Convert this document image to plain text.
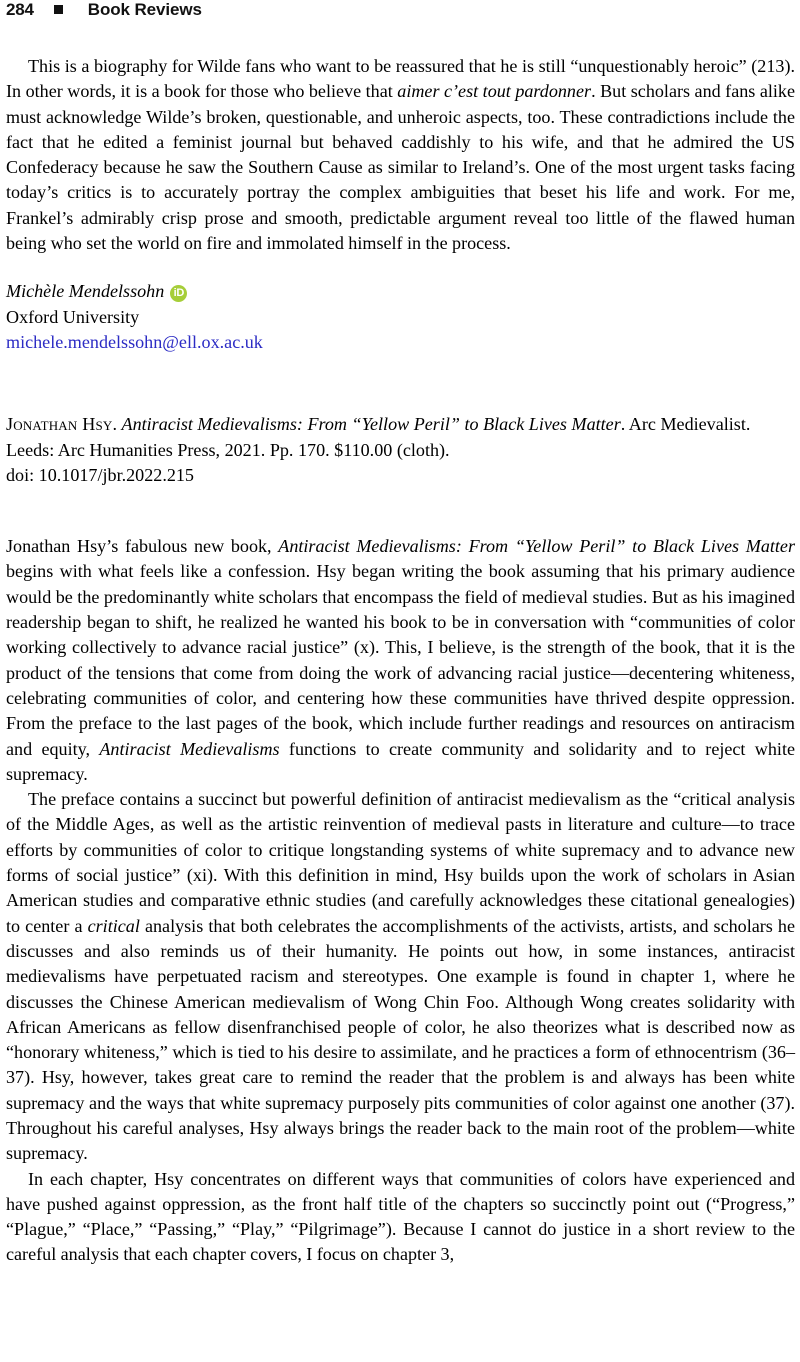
284	Book Reviews

This is a biography for Wilde fans who want to be reassured that he is still “unquestionably heroic” (213). In other words, it is a book for those who believe that aimer c’est tout pardonner. But scholars and fans alike must acknowledge Wilde’s broken, questionable, and unheroic aspects, too. These contradictions include the fact that he edited a feminist journal but behaved caddishly to his wife, and that he admired the US Confederacy because he saw the Southern Cause as similar to Ireland’s. One of the most urgent tasks facing today’s critics is to accurately portray the complex ambiguities that beset his life and work. For me, Frankel’s admirably crisp prose and smooth, predictable argument reveal too little of the flawed human being who set the world on fire and immolated himself in the process.

Michèle Mendelssohn iD
Oxford University
michele.mendelssohn@ell.ox.ac.uk
Jonathan Hsy. Antiracist Medievalisms: From “Yellow Peril” to Black Lives Matter. Arc Medievalist. Leeds: Arc Humanities Press, 2021. Pp. 170. $110.00 (cloth).
doi: 10.1017/jbr.2022.215

Jonathan Hsy’s fabulous new book, Antiracist Medievalisms: From “Yellow Peril” to Black Lives Matter begins with what feels like a confession. Hsy began writing the book assuming that his primary audience would be the predominantly white scholars that encompass the field of medieval studies. But as his imagined readership began to shift, he realized he wanted his book to be in conversation with “communities of color working collectively to advance racial justice” (x). This, I believe, is the strength of the book, that it is the product of the tensions that come from doing the work of advancing racial justice—decentering whiteness, celebrating communities of color, and centering how these communities have thrived despite oppression. From the preface to the last pages of the book, which include further readings and resources on antiracism and equity, Antiracist Medievalisms functions to create community and solidarity and to reject white supremacy.

The preface contains a succinct but powerful definition of antiracist medievalism as the “critical analysis of the Middle Ages, as well as the artistic reinvention of medieval pasts in literature and culture—to trace efforts by communities of color to critique longstanding systems of white supremacy and to advance new forms of social justice” (xi). With this definition in mind, Hsy builds upon the work of scholars in Asian American studies and comparative ethnic studies (and carefully acknowledges these citational genealogies) to center a critical analysis that both celebrates the accomplishments of the activists, artists, and scholars he discusses and also reminds us of their humanity. He points out how, in some instances, antiracist medievalisms have perpetuated racism and stereotypes. One example is found in chapter 1, where he discusses the Chinese American medievalism of Wong Chin Foo. Although Wong creates solidarity with African Americans as fellow disenfranchised people of color, he also theorizes what is described now as “honorary whiteness,” which is tied to his desire to assimilate, and he practices a form of ethnocentrism (36–37). Hsy, however, takes great care to remind the reader that the problem is and always has been white supremacy and the ways that white supremacy purposely pits communities of color against one another (37). Throughout his careful analyses, Hsy always brings the reader back to the main root of the problem—white supremacy.

In each chapter, Hsy concentrates on different ways that communities of colors have experienced and have pushed against oppression, as the front half title of the chapters so succinctly point out (“Progress,” “Plague,” “Place,” “Passing,” “Play,” “Pilgrimage”). Because I cannot do justice in a short review to the careful analysis that each chapter covers, I focus on chapter 3,
